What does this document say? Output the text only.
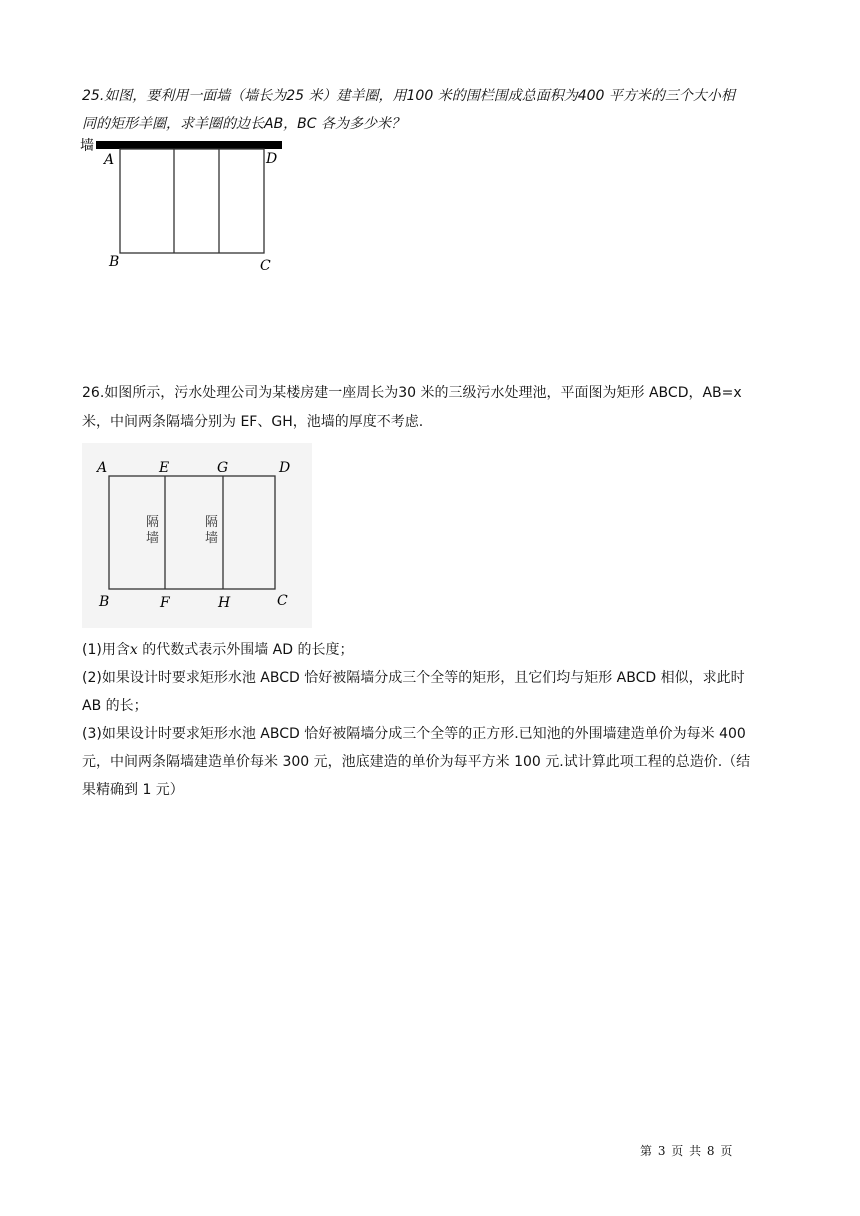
25.如图，要利用一面墙（墙长为25 米）建羊圈，用100 米的围栏围成总面积为400 平方米的三个大小相

同的矩形羊圈，求羊圈的边长AB，BC 各为多少米？

墙
A	D
B	C

26.如图所示，污水处理公司为某楼房建一座周长为30 米的三级污水处理池，平面图为矩形 ABCD，AB=x

米，中间两条隔墙分别为 EF、GH，池墙的厚度不考虑.

A	E	G	D
B	F	H	C
隔墙
隔墙

(1)用含x 的代数式表示外围墙 AD 的长度；

(2)如果设计时要求矩形水池 ABCD 恰好被隔墙分成三个全等的矩形，且它们均与矩形 ABCD 相似，求此时

AB 的长；

(3)如果设计时要求矩形水池 ABCD 恰好被隔墙分成三个全等的正方形.已知池的外围墙建造单价为每米 400

元，中间两条隔墙建造单价每米 300 元，池底建造的单价为每平方米 100 元.试计算此项工程的总造价.（结

果精确到 1 元）

第 3 页 共 8 页
